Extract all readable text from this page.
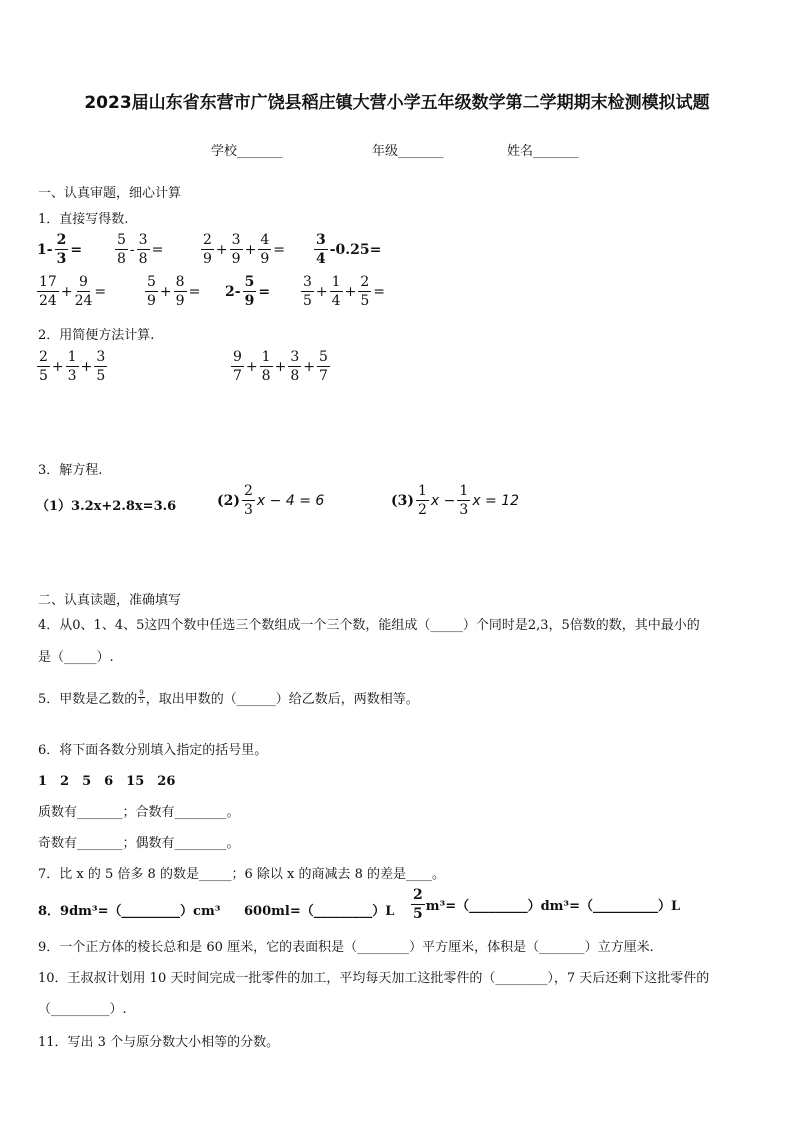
2023届山东省东营市广饶县稻庄镇大营小学五年级数学第二学期期末检测模拟试题
学校_______	年级_______	姓名_______
一、认真审题，细心计算
1．直接写得数.
$1- \frac{2}{3} = \frac{5}{8} - \frac{3}{8}$ =	$\frac{2}{9} + \frac{3}{9} + \frac{4}{9} = \frac{3}{4} -0.25=$
$\frac{17}{24} + \frac{9}{24}$ =	$\frac{5}{9} + \frac{8}{9} = 2- \frac{5}{9} = \frac{3}{5} + \frac{1}{4} + \frac{2}{5}$ =
2．用简便方法计算.
$\frac{2}{5} + \frac{1}{3} + \frac{3}{5}$	$\frac{9}{7} + \frac{1}{8} + \frac{3}{8} + \frac{5}{7}$
3．解方程.
（1）3.2x+2.8x=3.6	$(2) \frac{2}{3}$ x − 4 = 6	$(3) \frac{1}{2}$ $x - \frac{1}{3}$ x = 12
二、认真读题，准确填写
4．从0、1、4、5这四个数中任选三个数组成一个三个数，能组成（_____）个同时是2,3，5倍数的数，其中最小的
是（_____）.
5．甲数是乙数的 $\frac{9}{5}$ ，取出甲数的（______）给乙数后，两数相等。
6．将下面各数分别填入指定的括号里。
1　2　5　6　15　26
质数有_______；合数有________。
奇数有_______；偶数有________。
7．比 x 的 5 倍多 8 的数是_____；6 除以 x 的商减去 8 的差是____。
8．9dm³=（_________）cm³ 600ml=（_________）L $\frac{2}{5}$ m³=（_________）dm³=（__________）L
9．一个正方体的棱长总和是 60 厘米，它的表面积是（________）平方厘米，体积是（_______）立方厘米.
10．王叔叔计划用 10 天时间完成一批零件的加工，平均每天加工这批零件的（________），7 天后还剩下这批零件的
（_________）.
11．写出 3 个与原分数大小相等的分数。
